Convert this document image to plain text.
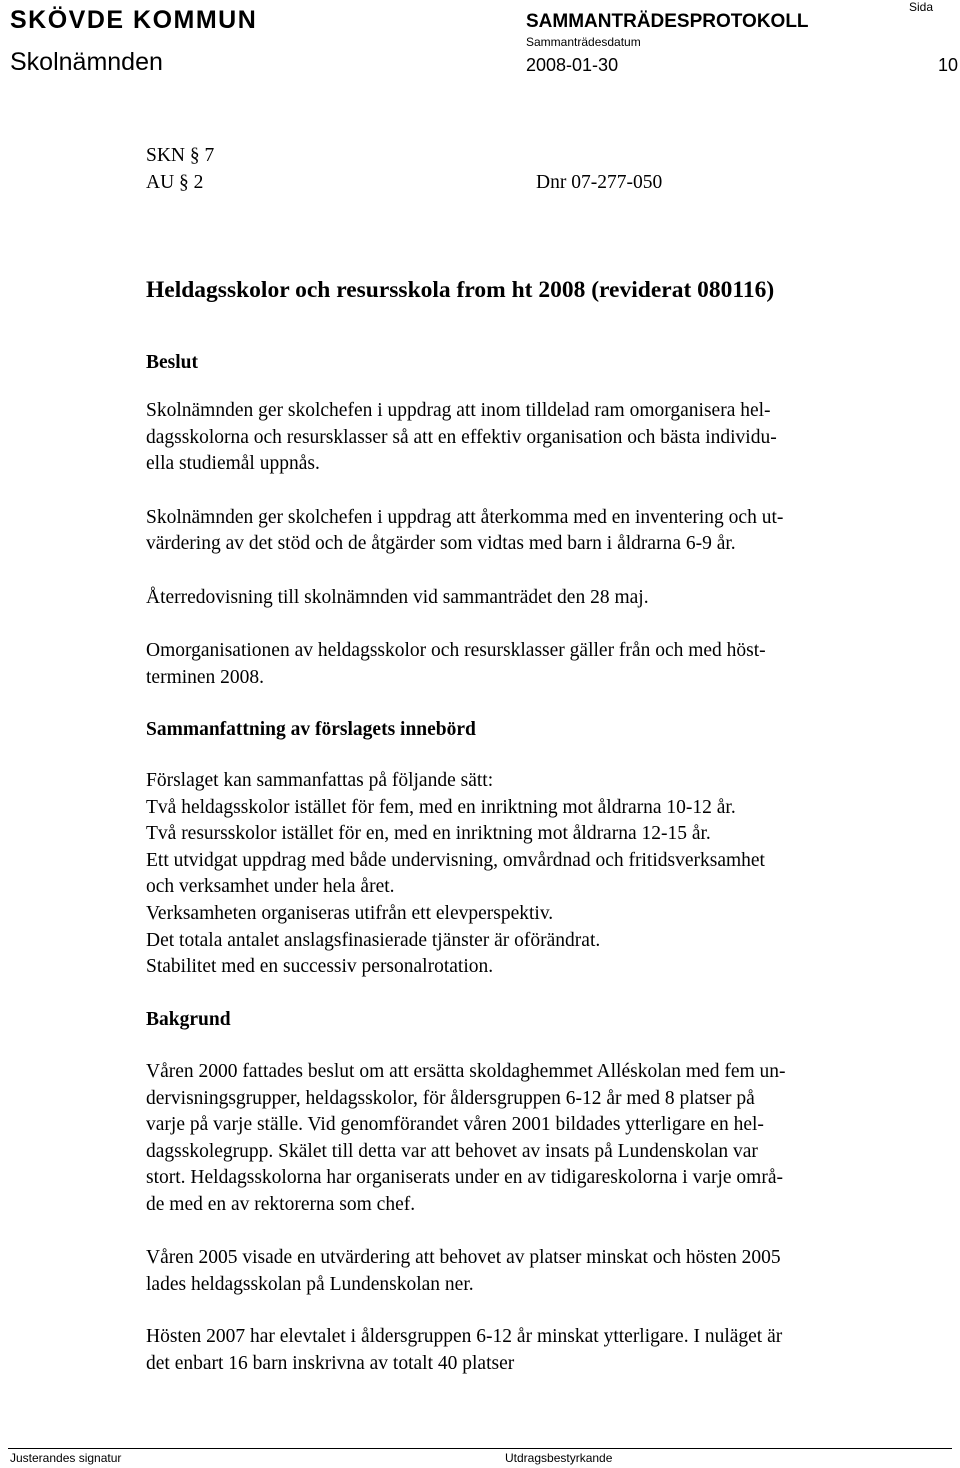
SKÖVDE KOMMUN	SAMMANTRÄDESPROTOKOLL
Sammanträdesdatum
Sida
Skolnämnden	2008-01-30	10
SKN § 7
AU § 2	Dnr 07-277-050
Heldagsskolor och resursskola from ht 2008 (reviderat 080116)
Beslut
Skolnämnden ger skolchefen i uppdrag att inom tilldelad ram omorganisera hel-
dagsskolorna och resursklasser så att en effektiv organisation och bästa individu-
ella studiemål uppnås.
Skolnämnden ger skolchefen i uppdrag att återkomma med en inventering och ut-
värdering av det stöd och de åtgärder som vidtas med barn i åldrarna 6-9 år.
Återredovisning till skolnämnden vid sammanträdet den 28 maj.
Omorganisationen av heldagsskolor och resursklasser gäller från och med höst-
terminen 2008.
Sammanfattning av förslagets innebörd
Förslaget kan sammanfattas på följande sätt:
Två heldagsskolor istället för fem, med en inriktning mot åldrarna 10-12 år.
Två resursskolor istället för en, med en inriktning mot åldrarna 12-15 år.
Ett utvidgat uppdrag med både undervisning, omvårdnad och fritidsverksamhet
och verksamhet under hela året.
Verksamheten organiseras utifrån ett elevperspektiv.
Det totala antalet anslagsfinasierade tjänster är oförändrat.
Stabilitet med en successiv personalrotation.
Bakgrund
Våren 2000 fattades beslut om att ersätta skoldaghemmet Alléskolan med fem un-
dervisningsgrupper, heldagsskolor, för åldersgruppen 6-12 år med 8 platser på
varje på varje ställe. Vid genomförandet våren 2001 bildades ytterligare en hel-
dagsskolegrupp. Skälet till detta var att behovet av insats på Lundenskolan var
stort. Heldagsskolorna har organiserats under en av tidigareskolorna i varje områ-
de med en av rektorerna som chef.
Våren 2005 visade en utvärdering att behovet av platser minskat och hösten 2005
lades heldagsskolan på Lundenskolan ner.
Hösten 2007 har elevtalet i åldersgruppen 6-12 år minskat ytterligare. I nuläget är
det enbart 16 barn inskrivna av totalt 40 platser
Justerandes signatur	Utdragsbestyrkande
